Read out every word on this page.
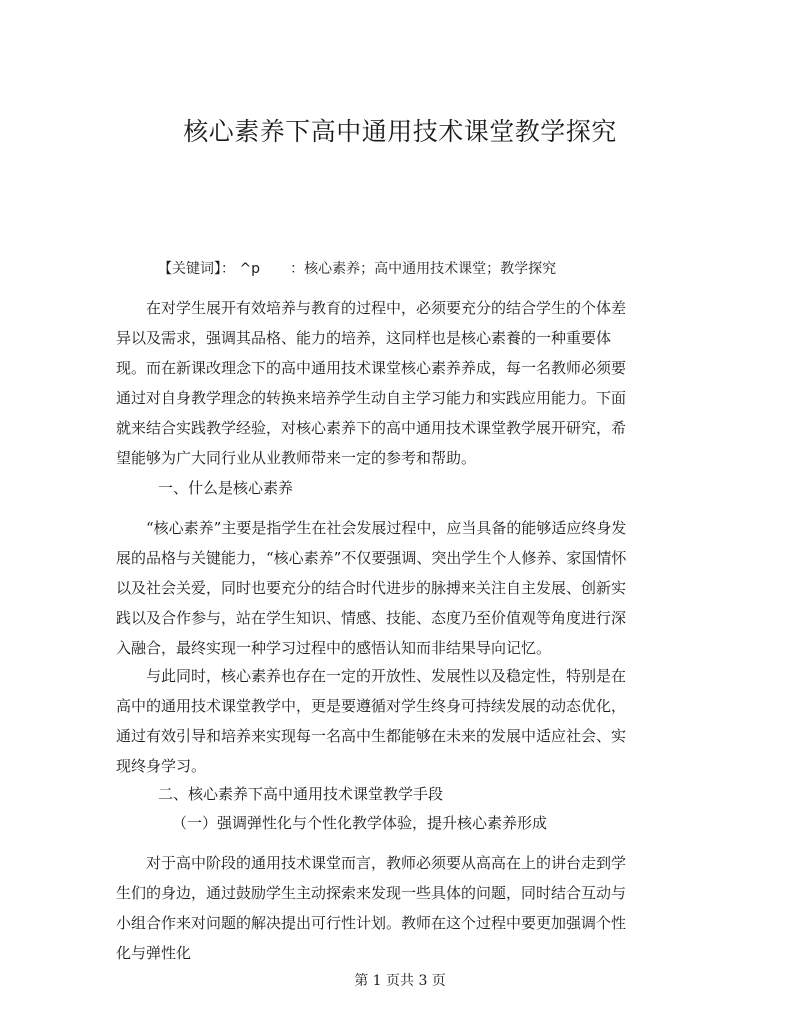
核心素养下高中通用技术课堂教学探究
【关键词】： ^p ：核心素养；高中通用技术课堂；教学探究

在对学生展开有效培养与教育的过程中，必须要充分的结合学生的个体差异以及需求，强调其品格、能力的培养，这同样也是核心素養的一种重要体现。而在新课改理念下的高中通用技术课堂核心素养养成，每一名教师必须要通过对自身教学理念的转换来培养学生动自主学习能力和实践应用能力。下面就来结合实践教学经验，对核心素养下的高中通用技术课堂教学展开研究，希望能够为广大同行业从业教师带来一定的参考和帮助。

一、什么是核心素养

“核心素养”主要是指学生在社会发展过程中，应当具备的能够适应终身发展的品格与关键能力，“核心素养”不仅要强调、突出学生个人修养、家国情怀以及社会关爱，同时也要充分的结合时代进步的脉搏来关注自主发展、创新实践以及合作参与，站在学生知识、情感、技能、态度乃至价值观等角度进行深入融合，最终实现一种学习过程中的感悟认知而非结果导向记忆。

与此同时，核心素养也存在一定的开放性、发展性以及稳定性，特别是在高中的通用技术课堂教学中，更是要遵循对学生终身可持续发展的动态优化，通过有效引导和培养来实现每一名高中生都能够在未来的发展中适应社会、实现终身学习。

二、核心素养下高中通用技术课堂教学手段

（一）强调弹性化与个性化教学体验，提升核心素养形成

对于高中阶段的通用技术课堂而言，教师必须要从高高在上的讲台走到学生们的身边，通过鼓励学生主动探索来发现一些具体的问题，同时结合互动与小组合作来对问题的解决提出可行性计划。教师在这个过程中要更加强调个性化与弹性化

第 1 页共 3 页
